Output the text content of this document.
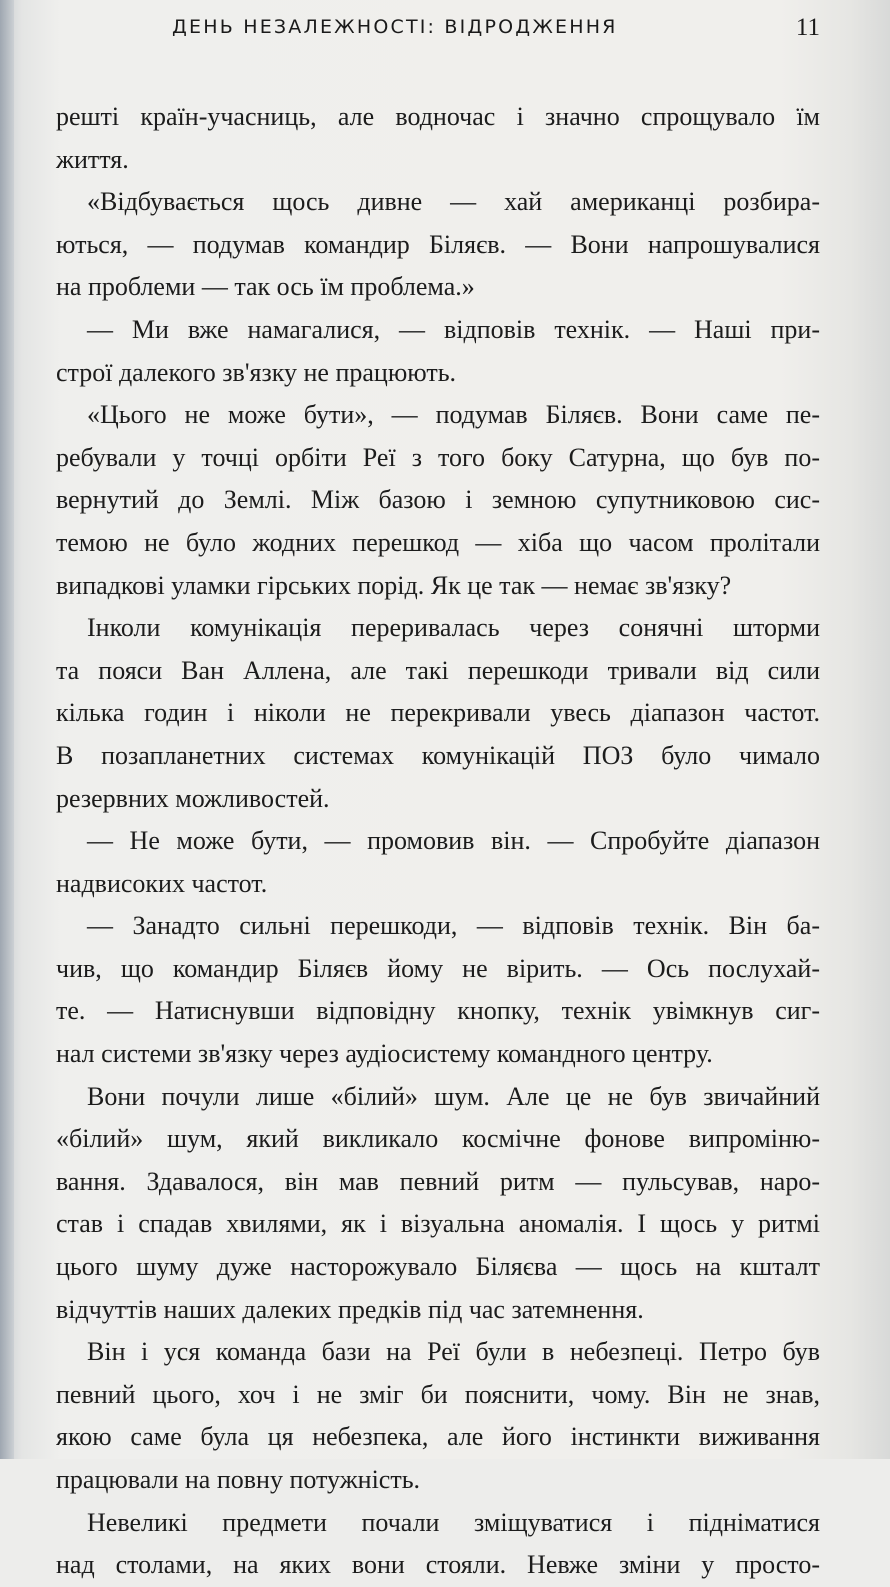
ДЕНЬ НЕЗАЛЕЖНОСТІ: ВІДРОДЖЕННЯ	11
решті країн-учасниць, але водночас і значно спрощувало їм
життя.
«Відбувається щось дивне — хай американці розбира-
ються, — подумав командир Біляєв. — Вони напрошувалися
на проблеми — так ось їм проблема.»
— Ми вже намагалися, — відповів технік. — Наші при-
строї далекого зв'язку не працюють.
«Цього не може бути», — подумав Біляєв. Вони саме пе-
ребували у точці орбіти Реї з того боку Сатурна, що був по-
вернутий до Землі. Між базою і земною супутниковою сис-
темою не було жодних перешкод — хіба що часом пролітали
випадкові уламки гірських порід. Як це так — немає зв'язку?
Інколи комунікація переривалась через сонячні шторми
та пояси Ван Аллена, але такі перешкоди тривали від сили
кілька годин і ніколи не перекривали увесь діапазон частот.
В позапланетних системах комунікацій ПОЗ було чимало
резервних можливостей.
— Не може бути, — промовив він. — Спробуйте діапазон
надвисоких частот.
— Занадто сильні перешкоди, — відповів технік. Він ба-
чив, що командир Біляєв йому не вірить. — Ось послухай-
те. — Натиснувши відповідну кнопку, технік увімкнув сиг-
нал системи зв'язку через аудіосистему командного центру.
Вони почули лише «білий» шум. Але це не був звичайний
«білий» шум, який викликало космічне фонове випроміню-
вання. Здавалося, він мав певний ритм — пульсував, наро-
став і спадав хвилями, як і візуальна аномалія. І щось у ритмі
цього шуму дуже насторожувало Біляєва — щось на кшталт
відчуттів наших далеких предків під час затемнення.
Він і уся команда бази на Реї були в небезпеці. Петро був
певний цього, хоч і не зміг би пояснити, чому. Він не знав,
якою саме була ця небезпека, але його інстинкти виживання
працювали на повну потужність.
Невеликі предмети почали зміщуватися і підніматися
над столами, на яких вони стояли. Невже зміни у просто-
